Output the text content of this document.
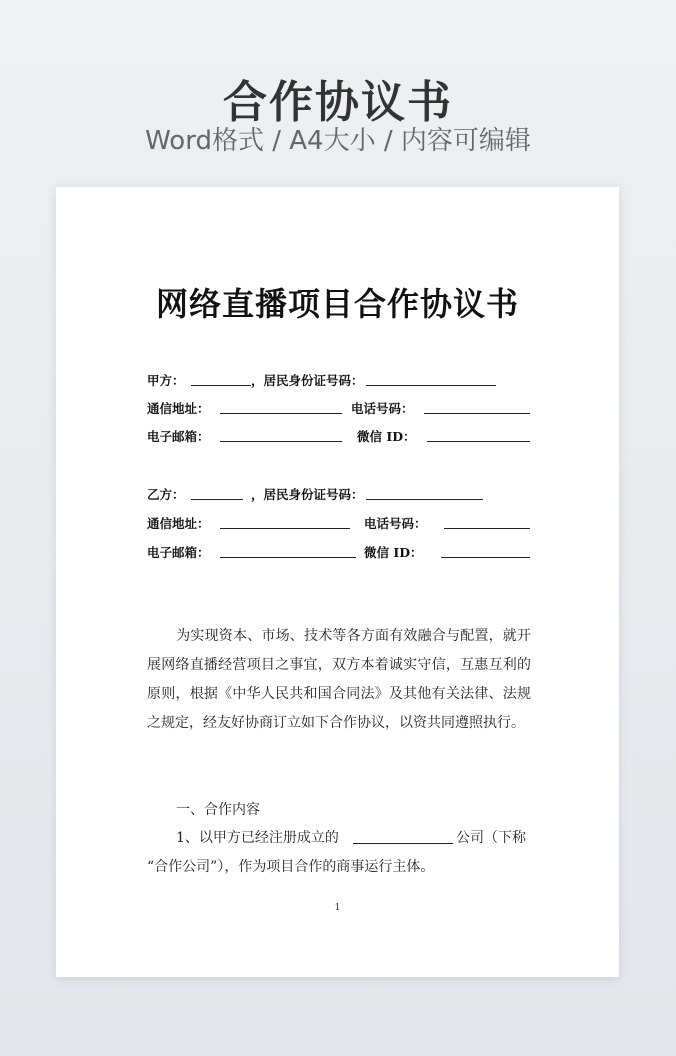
合作协议书
Word格式 / A4大小 / 内容可编辑
网络直播项目合作协议书
甲方：	，居民身份证号码：
通信地址：	电话号码：
电子邮箱：	微信 ID：
乙方：	，居民身份证号码：
通信地址：	电话号码：
电子邮箱：	微信 ID：
为实现资本、市场、技术等各方面有效融合与配置，就开展网络直播经营项目之事宜，双方本着诚实守信，互惠互利的原则，根据《中华人民共和国合同法》及其他有关法律、法规之规定，经友好协商订立如下合作协议，以资共同遵照执行。
一、合作内容
1、以甲方已经注册成立的	公司（下称
“合作公司”），作为项目合作的商事运行主体。
1
